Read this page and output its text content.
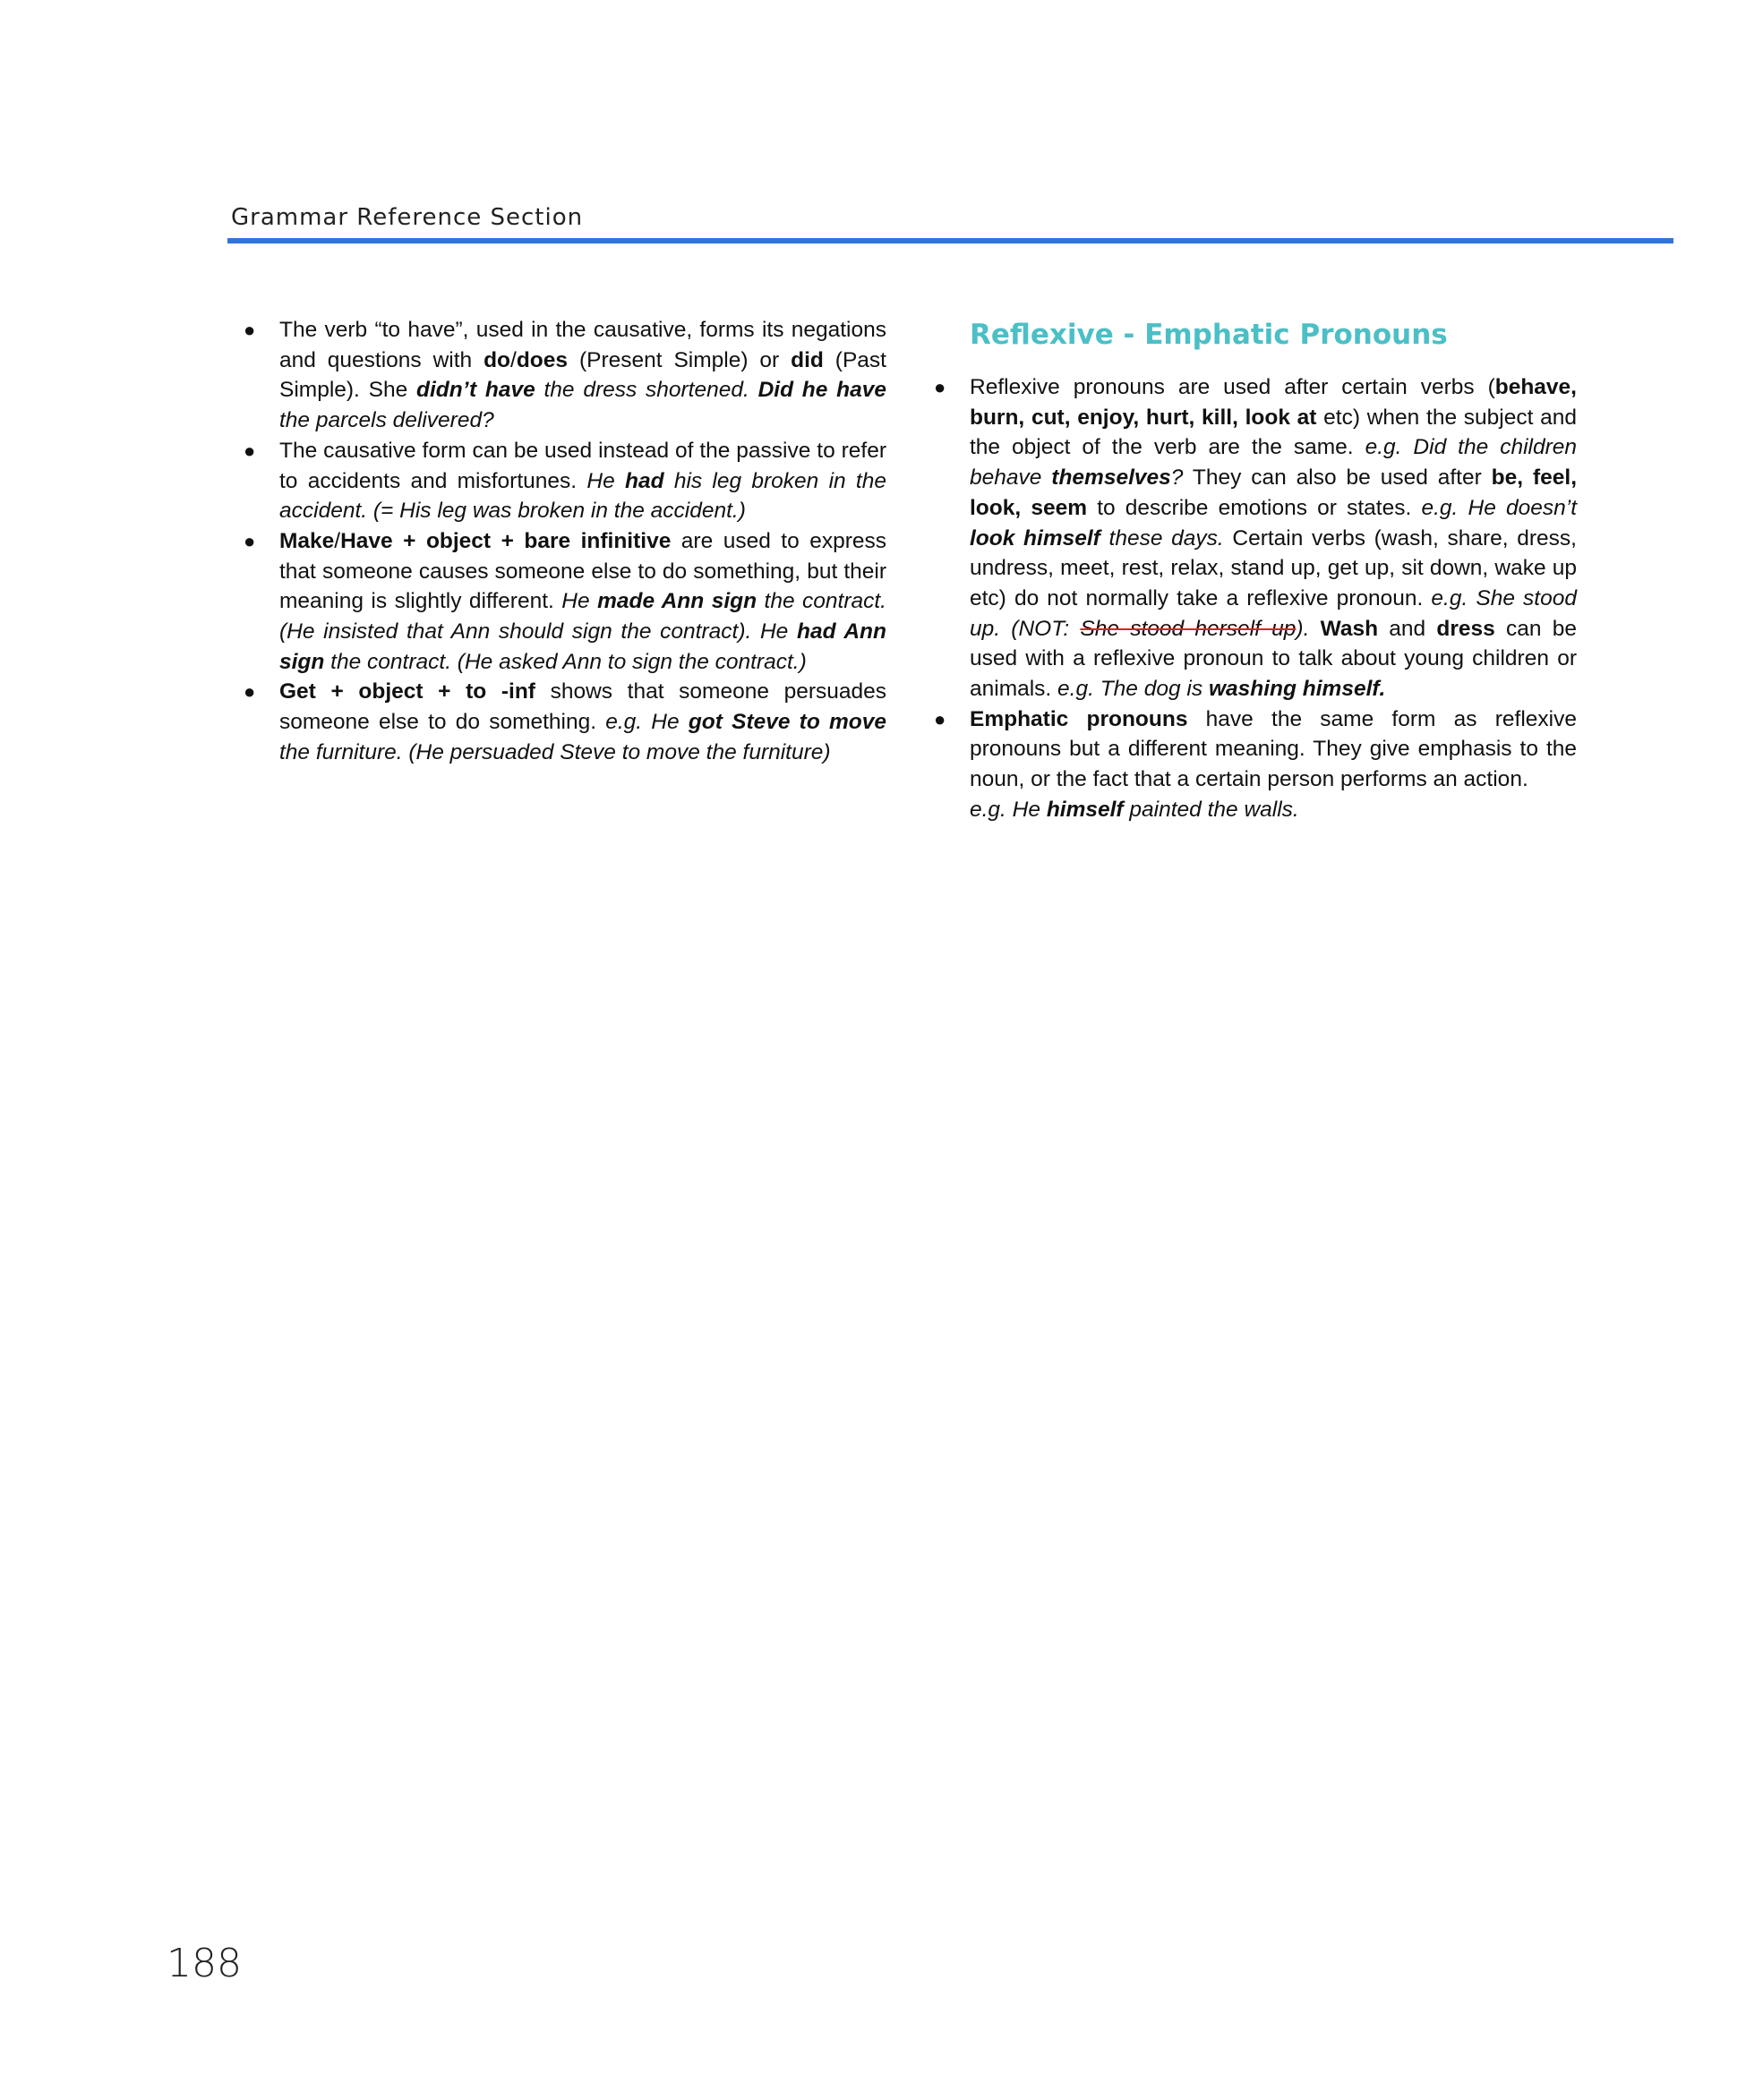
Grammar Reference Section
● The verb “to have”, used in the causative, forms its negations and questions with do/does (Present Simple) or did (Past Simple). She didn’t have the dress shortened. Did he have the parcels delivered?
● The causative form can be used instead of the passive to refer to accidents and misfortunes. He had his leg broken in the accident. (= His leg was broken in the accident.)
● Make/Have + object + bare infinitive are used to express that someone causes someone else to do something, but their meaning is slightly different. He made Ann sign the contract. (He insisted that Ann should sign the contract). He had Ann sign the contract. (He asked Ann to sign the contract.)
● Get + object + to -inf shows that someone persuades someone else to do something. e.g. He got Steve to move the furniture. (He persuaded Steve to move the furniture)
Reflexive - Emphatic Pronouns
● Reflexive pronouns are used after certain verbs (behave, burn, cut, enjoy, hurt, kill, look at etc) when the subject and the object of the verb are the same. e.g. Did the children behave themselves? They can also be used after be, feel, look, seem to describe emotions or states. e.g. He doesn’t look himself these days. Certain verbs (wash, share, dress, undress, meet, rest, relax, stand up, get up, sit down, wake up etc) do not normally take a reflexive pronoun. e.g. She stood up. (NOT: She stood herself up). Wash and dress can be used with a reflexive pronoun to talk about young children or animals. e.g. The dog is washing himself.
● Emphatic pronouns have the same form as reflexive pronouns but a different meaning. They give emphasis to the noun, or the fact that a certain person performs an action.
e.g. He himself painted the walls.
188
